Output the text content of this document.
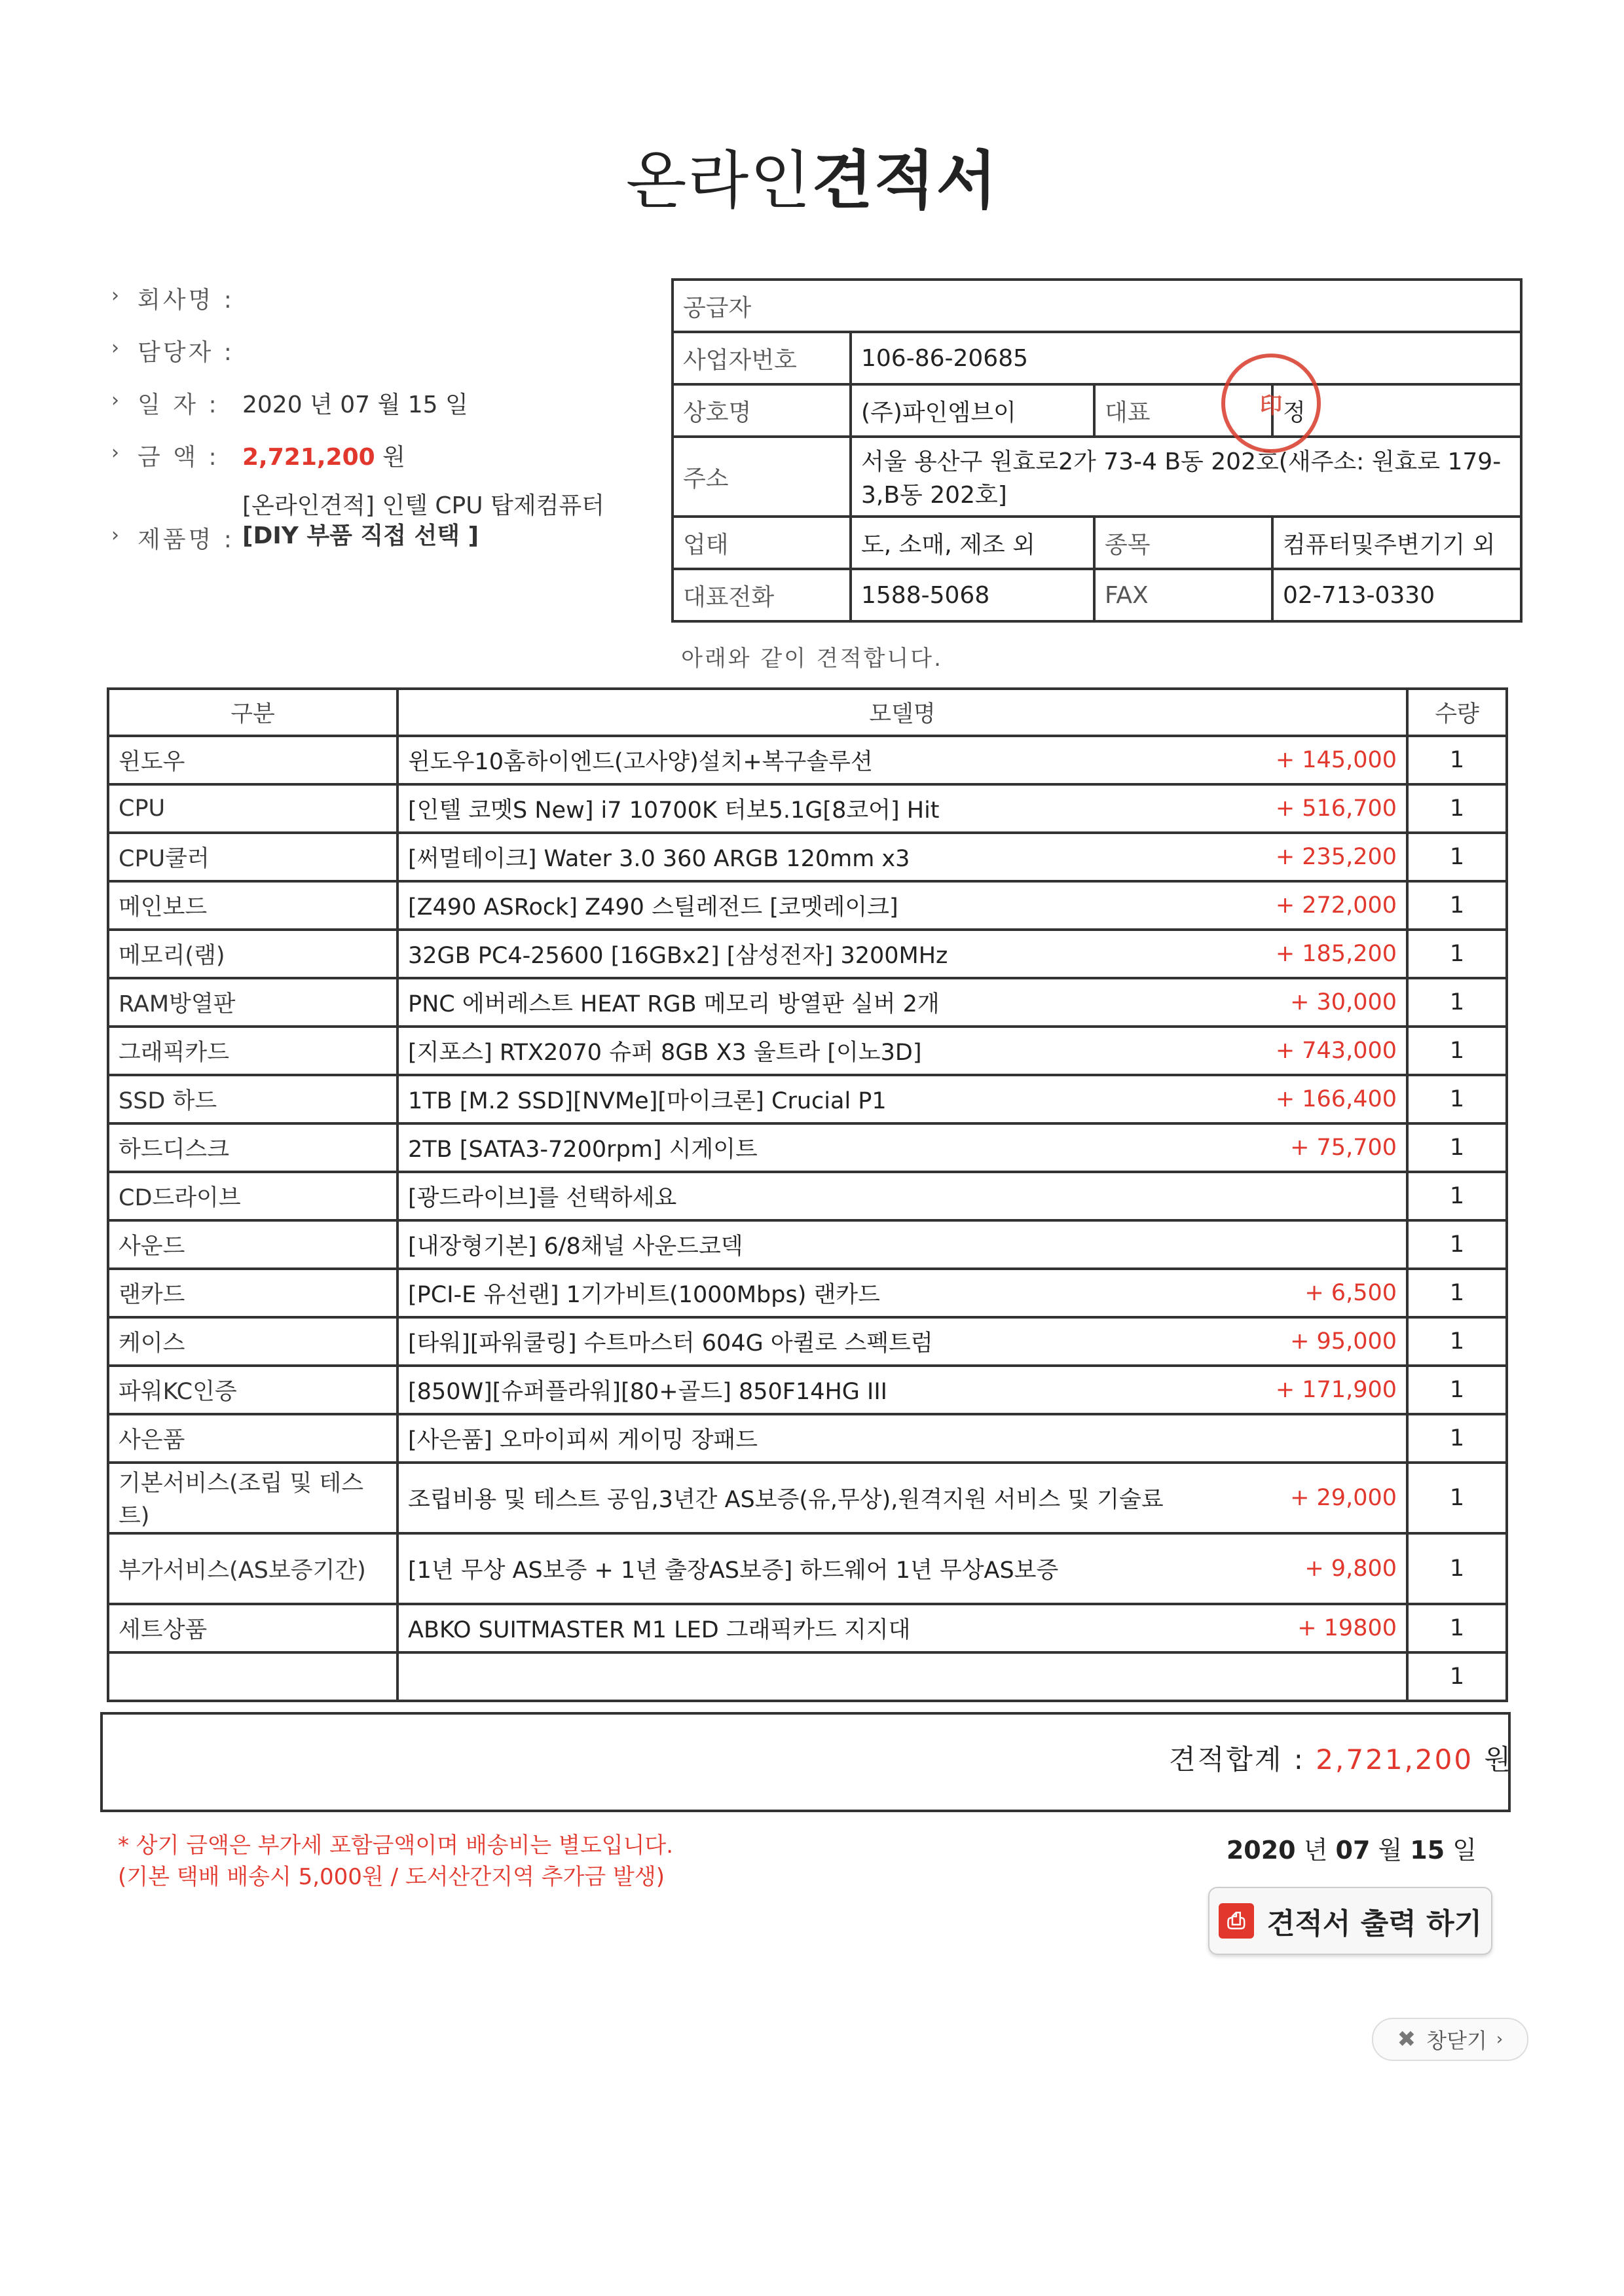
온라인견적서
› 회사명 :
› 담당자 :
› 일 자 : 2020 년 07 월 15 일
› 금 액 : 2,721,200 원
› 제품명 :
[온라인견적] 인텔 CPU 탑제컴퓨터
[DIY 부품 직접 선택 ]
공급자			
사업자번호	106-86-20685		
상호명	(주)파인엠브이	대표	정
주소	서울 용산구 원효로2가 73-4 B동 202호(새주소: 원효로 179-3,B동 202호]		
업태	도, 소매, 제조 외	종목	컴퓨터및주변기기 외
대표전화	1588-5068	FAX	02-713-0330
印
아래와 같이 견적합니다.
구분	모델명	수량
윈도우	윈도우10홈하이엔드(고사양)설치+복구솔루션 + 145,000	1
CPU	[인텔 코멧S New] i7 10700K 터보5.1G[8코어] Hit + 516,700	1
CPU쿨러	[써멀테이크] Water 3.0 360 ARGB 120mm x3 + 235,200	1
메인보드	[Z490 ASRock] Z490 스틸레전드 [코멧레이크] + 272,000	1
메모리(램)	32GB PC4-25600 [16GBx2] [삼성전자] 3200MHz + 185,200	1
RAM방열판	PNC 에버레스트 HEAT RGB 메모리 방열판 실버 2개 + 30,000	1
그래픽카드	[지포스] RTX2070 슈퍼 8GB X3 울트라 [이노3D] + 743,000	1
SSD 하드	1TB [M.2 SSD][NVMe][마이크론] Crucial P1 + 166,400	1
하드디스크	2TB [SATA3-7200rpm] 시게이트 + 75,700	1
CD드라이브	[광드라이브]를 선택하세요	1
사운드	[내장형기본] 6/8채널 사운드코덱	1
랜카드	[PCI-E 유선랜] 1기가비트(1000Mbps) 랜카드 + 6,500	1
케이스	[타워][파워쿨링] 수트마스터 604G 아퀼로 스펙트럼 + 95,000	1
파워KC인증	[850W][슈퍼플라워][80+골드] 850F14HG III + 171,900	1
사은품	[사은품] 오마이피씨 게이밍 장패드	1
기본서비스(조립 및 테스트)	조립비용 및 테스트 공임,3년간 AS보증(유,무상),원격지원 서비스 및 기술료 + 29,000	1
부가서비스(AS보증기간)	[1년 무상 AS보증 + 1년 출장AS보증] 하드웨어 1년 무상AS보증 + 9,800	1
세트상품	ABKO SUITMASTER M1 LED 그래픽카드 지지대 + 19800	1

	1
견적합계 : 2,721,200 원
* 상기 금액은 부가세 포함금액이며 배송비는 별도입니다.
(기본 택배 배송시 5,000원 / 도서산간지역 추가금 발생)
2020 년 07 월 15 일
⎙ 견적서 출력 하기
✖ 창닫기 ›
